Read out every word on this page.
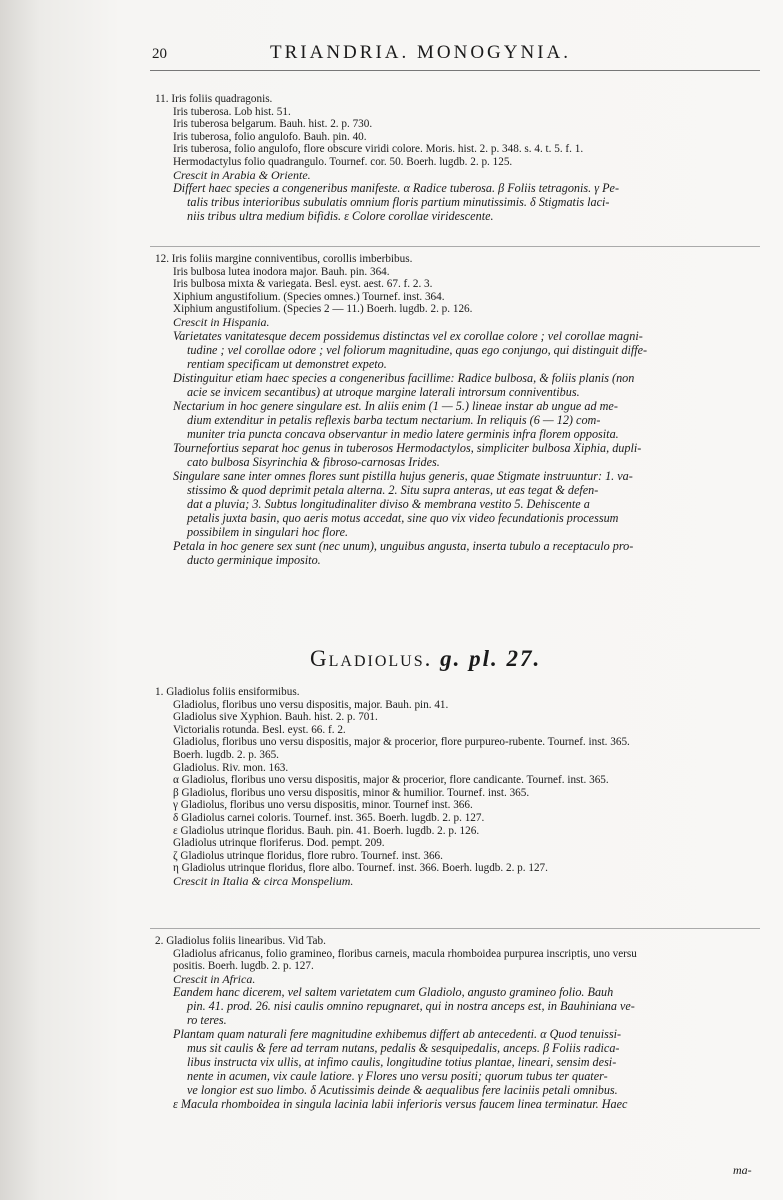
20	TRIANDRIA. MONOGYNIA.
11. Iris foliis quadragonis.
Iris tuberosa. Lob hist. 51.
Iris tuberosa belgarum. Bauh. hist. 2. p. 730.
Iris tuberosa, folio angulofo. Bauh. pin. 40.
Iris tuberosa, folio angulofo, flore obscure viridi colore. Moris. hist. 2. p. 348. s. 4. t. 5. f. 1.
Hermodactylus folio quadrangulo. Tournef. cor. 50. Boerh. lugdb. 2. p. 125.
Crescit in Arabia & Oriente.
Differt haec species a congeneribus manifeste. α Radice tuberosa. β Foliis tetragonis. γ Pe-
talis tribus interioribus subulatis omnium floris partium minutissimis. δ Stigmatis laci-
niis tribus ultra medium bifidis. ε Colore corollae viridescente.
12. Iris foliis margine conniventibus, corollis imberbibus.
Iris bulbosa lutea inodora major. Bauh. pin. 364.
Iris bulbosa mixta & variegata. Besl. eyst. aest. 67. f. 2. 3.
Xiphium angustifolium. (Species omnes.) Tournef. inst. 364.
Xiphium angustifolium. (Species 2 — 11.) Boerh. lugdb. 2. p. 126.
Crescit in Hispania.
Varietates vanitatesque decem possidemus distinctas vel ex corollae colore ; vel corollae magni-
tudine ; vel corollae odore ; vel foliorum magnitudine, quas ego conjungo, qui distinguit diffe-
rentiam specificam ut demonstret expeto.
Distinguitur etiam haec species a congeneribus facillime: Radice bulbosa, & foliis planis (non
acie se invicem secantibus) at utroque margine laterali introrsum conniventibus.
Nectarium in hoc genere singulare est. In aliis enim (1 — 5.) lineae instar ab ungue ad me-
dium extenditur in petalis reflexis barba tectum nectarium. In reliquis (6 — 12) com-
muniter tria puncta concava observantur in medio latere germinis infra florem opposita.
Tournefortius separat hoc genus in tuberosos Hermodactylos, simpliciter bulbosa Xiphia, dupli-
cato bulbosa Sisyrinchia & fibroso-carnosas Irides.
Singulare sane inter omnes flores sunt pistilla hujus generis, quae Stigmate instruuntur: 1. va-
stissimo & quod deprimit petala alterna. 2. Situ supra anteras, ut eas tegat & defen-
dat a pluvia; 3. Subtus longitudinaliter diviso & membrana vestito 5. Dehiscente a
petalis juxta basin, quo aeris motus accedat, sine quo vix video fecundationis processum
possibilem in singulari hoc flore.
Petala in hoc genere sex sunt (nec unum), unguibus angusta, inserta tubulo a receptaculo pro-
ducto germinique imposito.
Gladiolus. g. pl. 27.
1. Gladiolus foliis ensiformibus.
Gladiolus, floribus uno versu dispositis, major. Bauh. pin. 41.
Gladiolus sive Xyphion. Bauh. hist. 2. p. 701.
Victorialis rotunda. Besl. eyst. 66. f. 2.
Gladiolus, floribus uno versu dispositis, major & procerior, flore purpureo-rubente. Tournef. inst. 365.
Boerh. lugdb. 2. p. 365.
Gladiolus. Riv. mon. 163.
α Gladiolus, floribus uno versu dispositis, major & procerior, flore candicante. Tournef. inst. 365.
β Gladiolus, floribus uno versu dispositis, minor & humilior. Tournef. inst. 365.
γ Gladiolus, floribus uno versu dispositis, minor. Tournef inst. 366.
δ Gladiolus carnei coloris. Tournef. inst. 365. Boerh. lugdb. 2. p. 127.
ε Gladiolus utrinque floridus. Bauh. pin. 41. Boerh. lugdb. 2. p. 126.
Gladiolus utrinque floriferus. Dod. pempt. 209.
ζ Gladiolus utrinque floridus, flore rubro. Tournef. inst. 366.
η Gladiolus utrinque floridus, flore albo. Tournef. inst. 366. Boerh. lugdb. 2. p. 127.
Crescit in Italia & circa Monspelium.
2. Gladiolus foliis linearibus. Vid Tab.
Gladiolus africanus, folio gramineo, floribus carneis, macula rhomboidea purpurea inscriptis, uno versu
positis. Boerh. lugdb. 2. p. 127.
Crescit in Africa.
Eandem hanc dicerem, vel saltem varietatem cum Gladiolo, angusto gramineo folio. Bauh
pin. 41. prod. 26. nisi caulis omnino repugnaret, qui in nostra anceps est, in Bauhiniana ve-
ro teres.
Plantam quam naturali fere magnitudine exhibemus differt ab antecedenti. α Quod tenuissi-
mus sit caulis & fere ad terram nutans, pedalis & sesquipedalis, anceps. β Foliis radica-
libus instructa vix ullis, at infimo caulis, longitudine totius plantae, lineari, sensim desi-
nente in acumen, vix caule latiore. γ Flores uno versu positi; quorum tubus ter quater-
ve longior est suo limbo. δ Acutissimis deinde & aequalibus fere laciniis petali omnibus.
ε Macula rhomboidea in singula lacinia labii inferioris versus faucem linea terminatur. Haec
ma-
